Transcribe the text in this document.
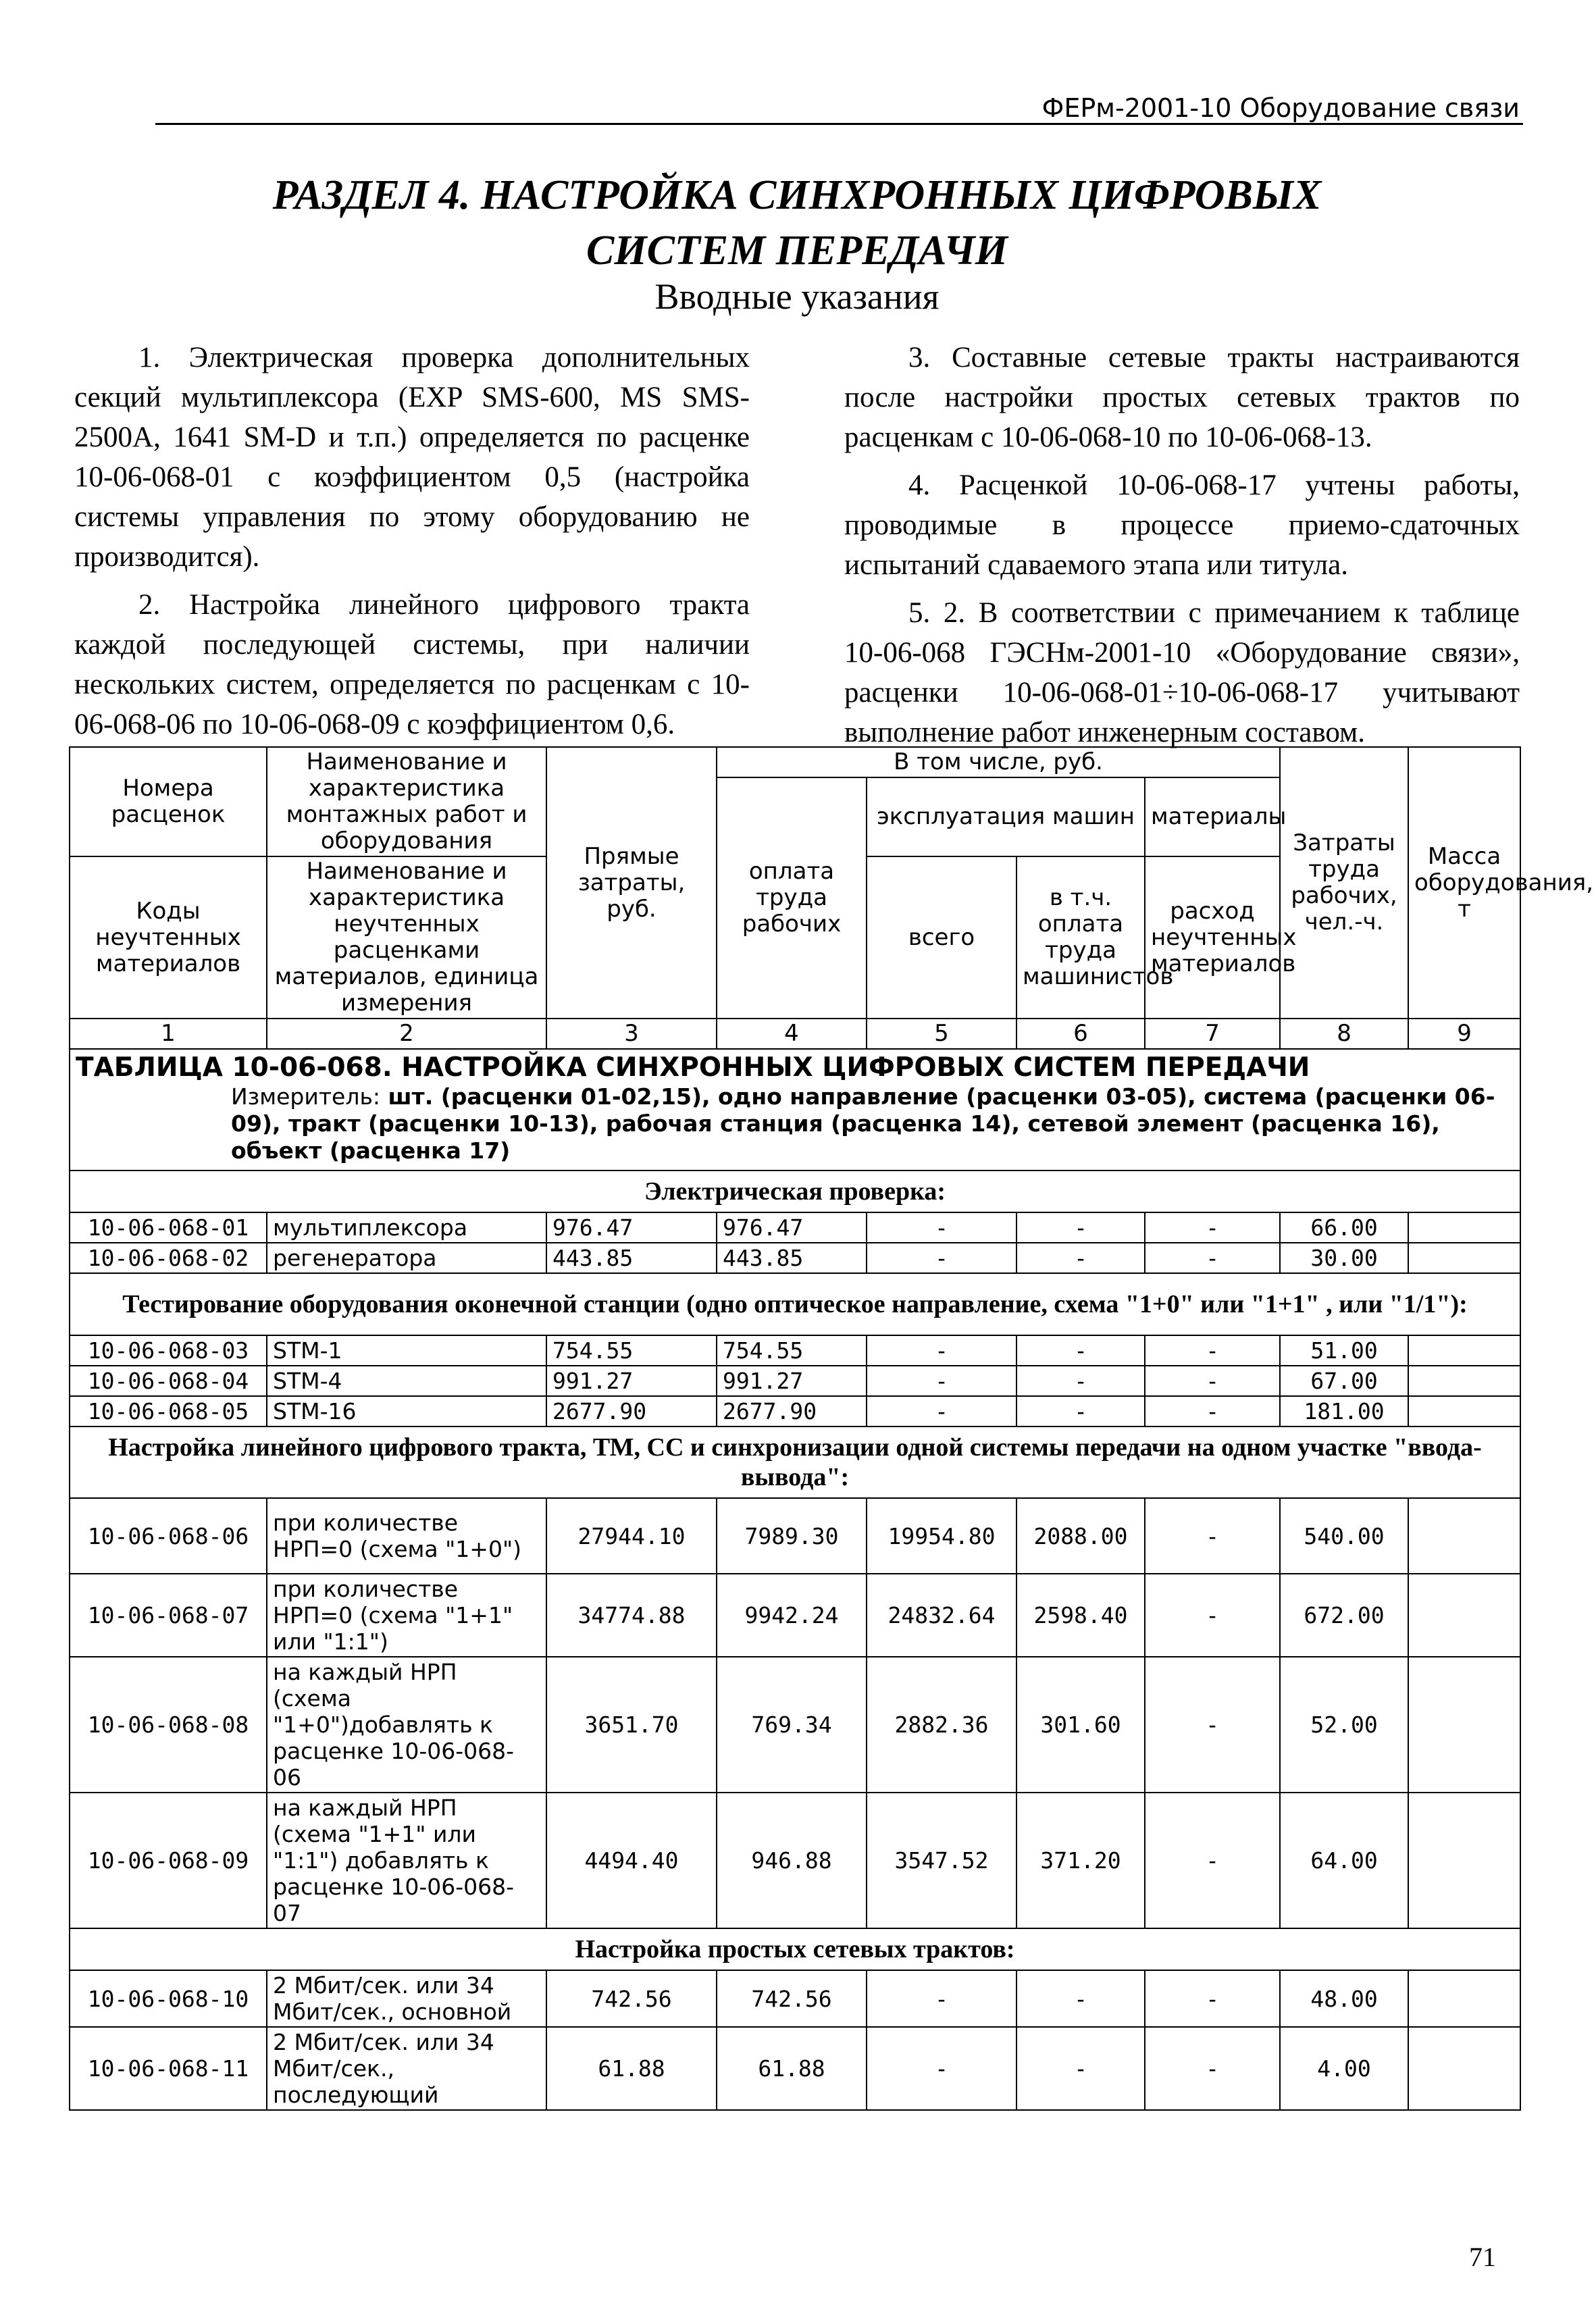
ФЕРм-2001-10 Оборудование связи
РАЗДЕЛ 4. НАСТРОЙКА СИНХРОННЫХ ЦИФРОВЫХ
СИСТЕМ ПЕРЕДАЧИ
Вводные указания

1. Электрическая проверка дополнительных секций мультиплексора (EXP SMS-600, MS SMS-2500A, 1641 SM-D и т.п.) определяется по расценке 10-06-068-01 с коэффициентом 0,5 (настройка системы управления по этому оборудованию не производится).

2. Настройка линейного цифрового тракта каждой последующей системы, при наличии нескольких систем, определяется по расценкам с 10-06-068-06 по 10-06-068-09 с коэффициентом 0,6.

3. Составные сетевые тракты настраиваются после настройки простых сетевых трактов по расценкам с 10-06-068-10 по 10-06-068-13.

4. Расценкой 10-06-068-17 учтены работы, проводимые в процессе приемо-сдаточных испытаний сдаваемого этапа или титула.

5. 2. В соответствии с примечанием к таблице 10-06-068 ГЭСНм-2001-10 «Оборудование связи», расценки 10-06-068-01÷10-06-068-17 учитывают выполнение работ инженерным составом.

Номера расценок	Наименование и характеристика монтажных работ и оборудования	Прямые затраты, руб.	В том числе, руб.				Затраты труда рабочих, чел.-ч.	Масса оборудования, т
			оплата труда рабочих	эксплуатация машин		материалы		

Коды неучтенных материалов	Наименование и характеристика неучтенных расценками материалов, единица измерения			всего	в т.ч. оплата труда машинистов	расход неучтенных материалов		

1	2	3	4	5	6	7	8	9

ТАБЛИЦА 10-06-068. НАСТРОЙКА СИНХРОННЫХ ЦИФРОВЫХ СИСТЕМ ПЕРЕДАЧИ
Измеритель: шт. (расценки 01-02,15), одно направление (расценки 03-05), система (расценки 06-09), тракт (расценки 10-13), рабочая станция (расценка 14), сетевой элемент (расценка 16), объект (расценка 17)								

Электрическая проверка:								
10-06-068-01	мультиплексора	976.47	976.47	-	-	-	66.00	
10-06-068-02	регенератора	443.85	443.85	-	-	-	30.00	
Тестирование оборудования оконечной станции (одно оптическое направление, схема "1+0" или "1+1" , или "1/1"):								
10-06-068-03	STM-1	754.55	754.55	-	-	-	51.00	
10-06-068-04	STM-4	991.27	991.27	-	-	-	67.00	
10-06-068-05	STM-16	2677.90	2677.90	-	-	-	181.00	
Настройка линейного цифрового тракта, ТМ, СС и синхронизации одной системы передачи на одном участке "ввода-вывода":								
10-06-068-06	при количестве НРП=0 (схема "1+0")	27944.10	7989.30	19954.80	2088.00	-	540.00	
10-06-068-07	при количестве НРП=0 (схема "1+1" или "1:1")	34774.88	9942.24	24832.64	2598.40	-	672.00	
10-06-068-08	на каждый НРП (схема "1+0")добавлять к расценке 10-06-068-06	3651.70	769.34	2882.36	301.60	-	52.00	
10-06-068-09	на каждый НРП (схема "1+1" или "1:1") добавлять к расценке 10-06-068-07	4494.40	946.88	3547.52	371.20	-	64.00	
Настройка простых сетевых трактов:								
10-06-068-10	2 Мбит/сек. или 34 Мбит/сек., основной	742.56	742.56	-	-	-	48.00	
10-06-068-11	2 Мбит/сек. или 34 Мбит/сек., последующий	61.88	61.88	-	-	-	4.00	
71
